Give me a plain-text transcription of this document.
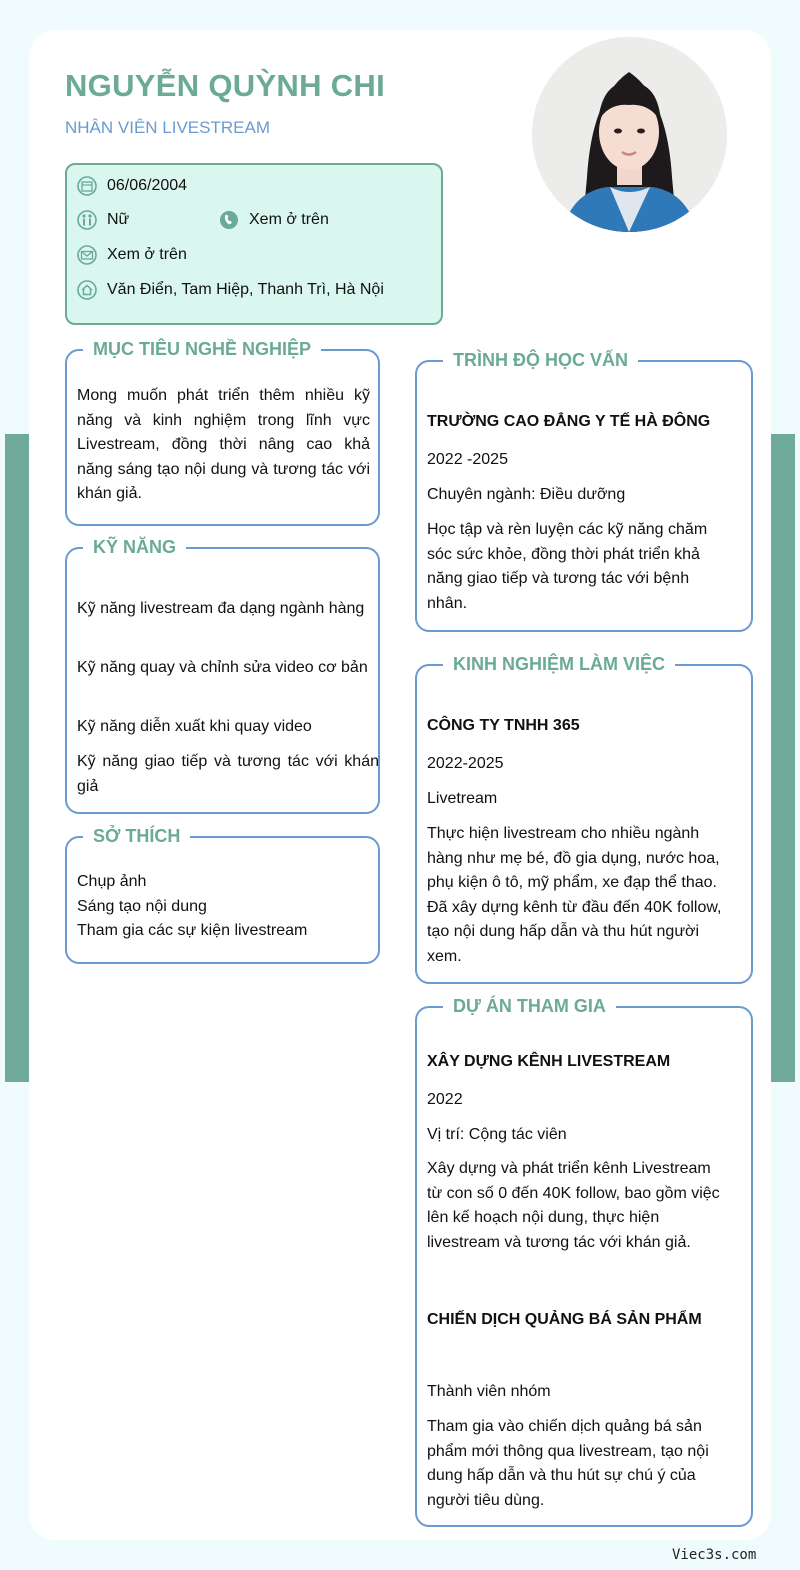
NGUYỄN QUỲNH CHI
NHÂN VIÊN LIVESTREAM
06/06/2004
Nữ	Xem ở trên
Xem ở trên
Văn Điển, Tam Hiệp, Thanh Trì, Hà Nội
MỤC TIÊU NGHỀ NGHIỆP
Mong muốn phát triển thêm nhiều kỹ năng và kinh nghiệm trong lĩnh vực Livestream, đồng thời nâng cao khả năng sáng tạo nội dung và tương tác với khán giả.
KỸ NĂNG
Kỹ năng livestream đa dạng ngành hàng
Kỹ năng quay và chỉnh sửa video cơ bản
Kỹ năng diễn xuất khi quay video
Kỹ năng giao tiếp và tương tác với khán giả
SỞ THÍCH
Chụp ảnh
Sáng tạo nội dung
Tham gia các sự kiện livestream
TRÌNH ĐỘ HỌC VẤN
TRƯỜNG CAO ĐẲNG Y TẾ HÀ ĐÔNG
2022 -2025
Chuyên ngành: Điều dưỡng
Học tập và rèn luyện các kỹ năng chăm sóc sức khỏe, đồng thời phát triển khả năng giao tiếp và tương tác với bệnh nhân.
KINH NGHIỆM LÀM VIỆC
CÔNG TY TNHH 365
2022-2025
Livetream
Thực hiện livestream cho nhiều ngành hàng như mẹ bé, đồ gia dụng, nước hoa, phụ kiện ô tô, mỹ phẩm, xe đạp thể thao. Đã xây dựng kênh từ đầu đến 40K follow, tạo nội dung hấp dẫn và thu hút người xem.
DỰ ÁN THAM GIA
XÂY DỰNG KÊNH LIVESTREAM
2022
Vị trí: Cộng tác viên
Xây dựng và phát triển kênh Livestream từ con số 0 đến 40K follow, bao gồm việc lên kế hoạch nội dung, thực hiện livestream và tương tác với khán giả.
CHIẾN DỊCH QUẢNG BÁ SẢN PHẨM
Thành viên nhóm
Tham gia vào chiến dịch quảng bá sản phẩm mới thông qua livestream, tạo nội dung hấp dẫn và thu hút sự chú ý của người tiêu dùng.
Viec3s.com
